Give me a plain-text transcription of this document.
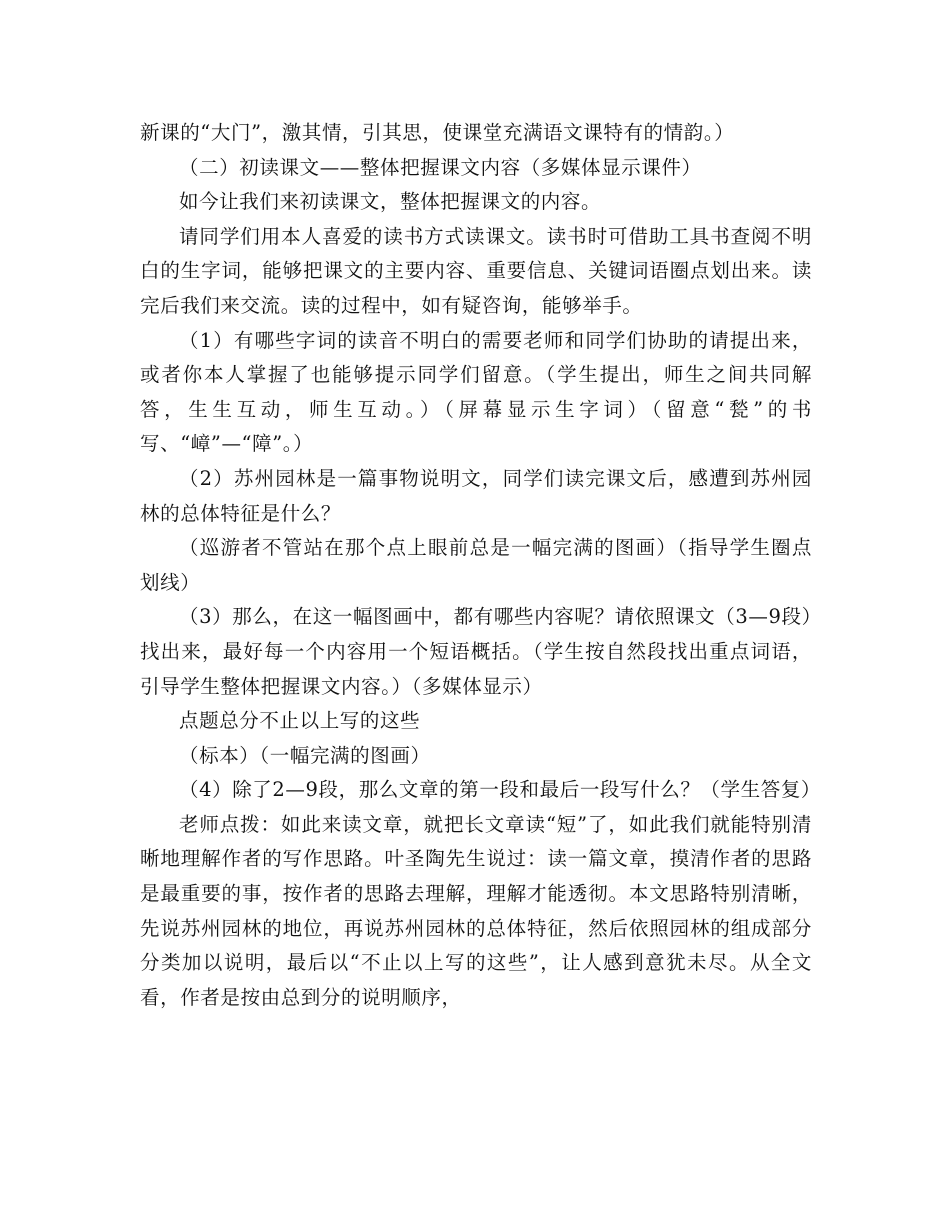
新课的“大门”，激其情，引其思，使课堂充满语文课特有的情韵。）

（二）初读课文——整体把握课文内容（多媒体显示课件）

如今让我们来初读课文，整体把握课文的内容。

请同学们用本人喜爱的读书方式读课文。读书时可借助工具书查阅不明白的生字词，能够把课文的主要内容、重要信息、关键词语圈点划出来。读完后我们来交流。读的过程中，如有疑咨询，能够举手。

（1）有哪些字词的读音不明白的需要老师和同学们协助的请提出来，或者你本人掌握了也能够提示同学们留意。（学生提出，师生之间共同解答，生生互动，师生互动。）（屏幕显示生字词）（留意“甃”的书写、“嶂”—“障”。）

（2）苏州园林是一篇事物说明文，同学们读完课文后，感遭到苏州园林的总体特征是什么？

（巡游者不管站在那个点上眼前总是一幅完满的图画）（指导学生圈点划线）

（3）那么，在这一幅图画中，都有哪些内容呢？请依照课文（3—9段）找出来，最好每一个内容用一个短语概括。（学生按自然段找出重点词语，引导学生整体把握课文内容。）（多媒体显示）

点题总分不止以上写的这些

（标本）（一幅完满的图画）

（4）除了2—9段，那么文章的第一段和最后一段写什么？（学生答复）

老师点拨：如此来读文章，就把长文章读“短”了，如此我们就能特别清晰地理解作者的写作思路。叶圣陶先生说过：读一篇文章，摸清作者的思路是最重要的事，按作者的思路去理解，理解才能透彻。本文思路特别清晰，先说苏州园林的地位，再说苏州园林的总体特征，然后依照园林的组成部分分类加以说明，最后以“不止以上写的这些”，让人感到意犹未尽。从全文看，作者是按由总到分的说明顺序，
